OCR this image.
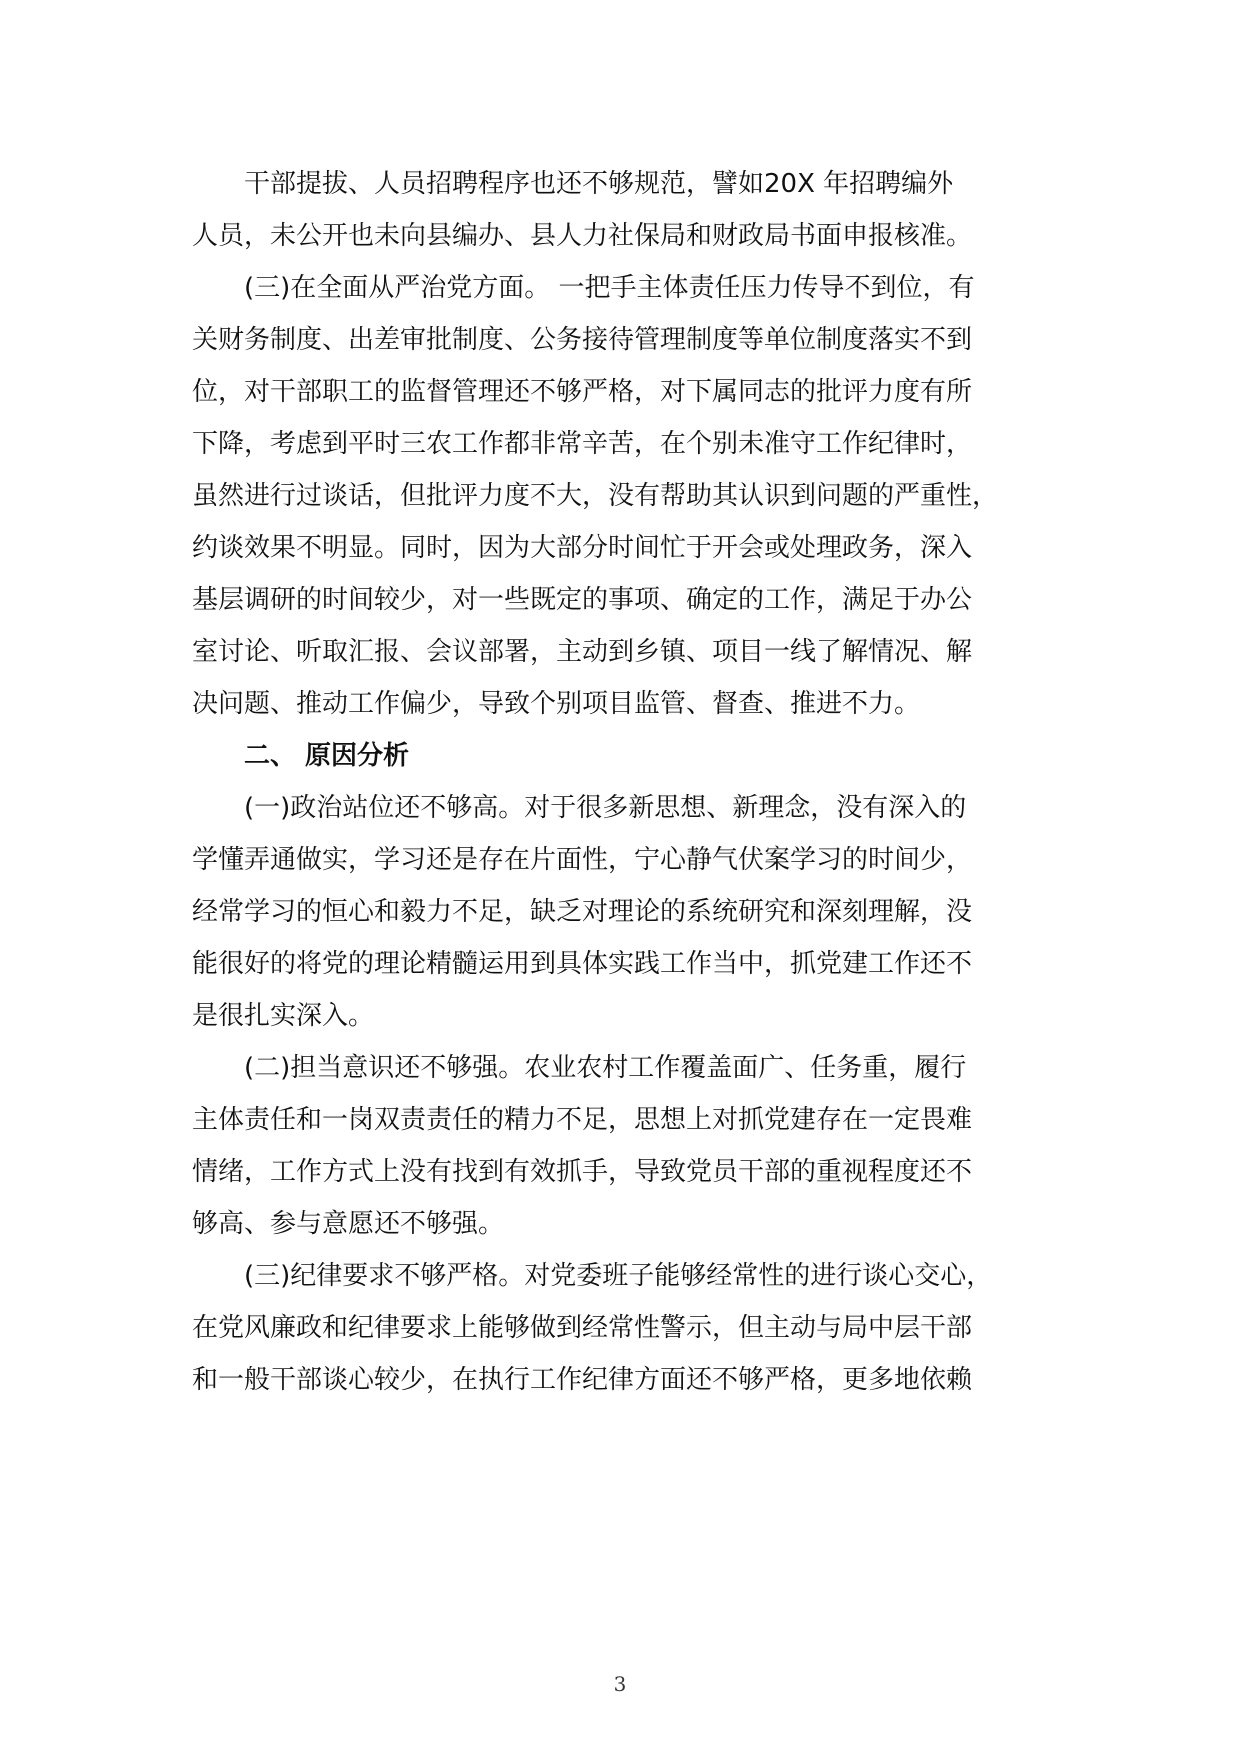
干部提拔、人员招聘程序也还不够规范，譬如20X 年招聘编外
人员，未公开也未向县编办、县人力社保局和财政局书面申报核准。
(三)在全面从严治党方面。 一把手主体责任压力传导不到位，有
关财务制度、出差审批制度、公务接待管理制度等单位制度落实不到
位，对干部职工的监督管理还不够严格，对下属同志的批评力度有所
下降，考虑到平时三农工作都非常辛苦，在个别未准守工作纪律时，
虽然进行过谈话，但批评力度不大，没有帮助其认识到问题的严重性，
约谈效果不明显。同时，因为大部分时间忙于开会或处理政务，深入
基层调研的时间较少，对一些既定的事项、确定的工作，满足于办公
室讨论、听取汇报、会议部署，主动到乡镇、项目一线了解情况、解
决问题、推动工作偏少，导致个别项目监管、督查、推进不力。
二、 原因分析
(一)政治站位还不够高。对于很多新思想、新理念，没有深入的
学懂弄通做实，学习还是存在片面性，宁心静气伏案学习的时间少，
经常学习的恒心和毅力不足，缺乏对理论的系统研究和深刻理解，没
能很好的将党的理论精髓运用到具体实践工作当中，抓党建工作还不
是很扎实深入。
(二)担当意识还不够强。农业农村工作覆盖面广、任务重，履行
主体责任和一岗双责责任的精力不足，思想上对抓党建存在一定畏难
情绪，工作方式上没有找到有效抓手，导致党员干部的重视程度还不
够高、参与意愿还不够强。
(三)纪律要求不够严格。对党委班子能够经常性的进行谈心交心，
在党风廉政和纪律要求上能够做到经常性警示，但主动与局中层干部
和一般干部谈心较少，在执行工作纪律方面还不够严格，更多地依赖
3
